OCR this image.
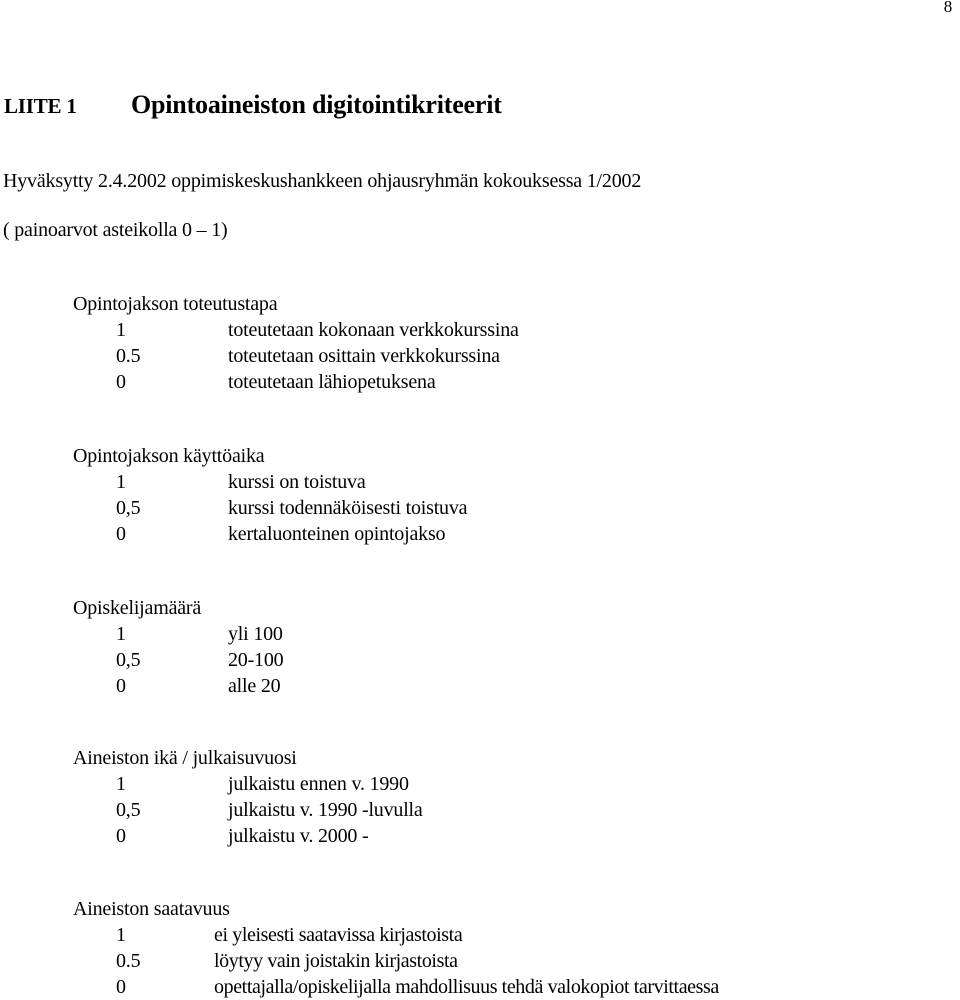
8
LIITE 1 Opintoaineiston digitointikriteerit
Hyväksytty 2.4.2002 oppimiskeskushankkeen ohjausryhmän kokouksessa 1/2002
( painoarvot asteikolla 0 – 1)
Opintojakson toteutustapa
1	toteutetaan kokonaan verkkokurssina
0.5	toteutetaan osittain verkkokurssina
0	toteutetaan lähiopetuksena
Opintojakson käyttöaika
1	kurssi on toistuva
0,5	kurssi todennäköisesti toistuva
0	kertaluonteinen opintojakso
Opiskelijamäärä
1	yli 100
0,5	20-100
0	alle 20
Aineiston ikä / julkaisuvuosi
1	julkaistu ennen v. 1990
0,5	julkaistu v. 1990 -luvulla
0	julkaistu v. 2000 -
Aineiston saatavuus
1	ei yleisesti saatavissa kirjastoista
0.5	löytyy vain joistakin kirjastoista
0	opettajalla/opiskelijalla mahdollisuus tehdä valokopiot tarvittaessa
